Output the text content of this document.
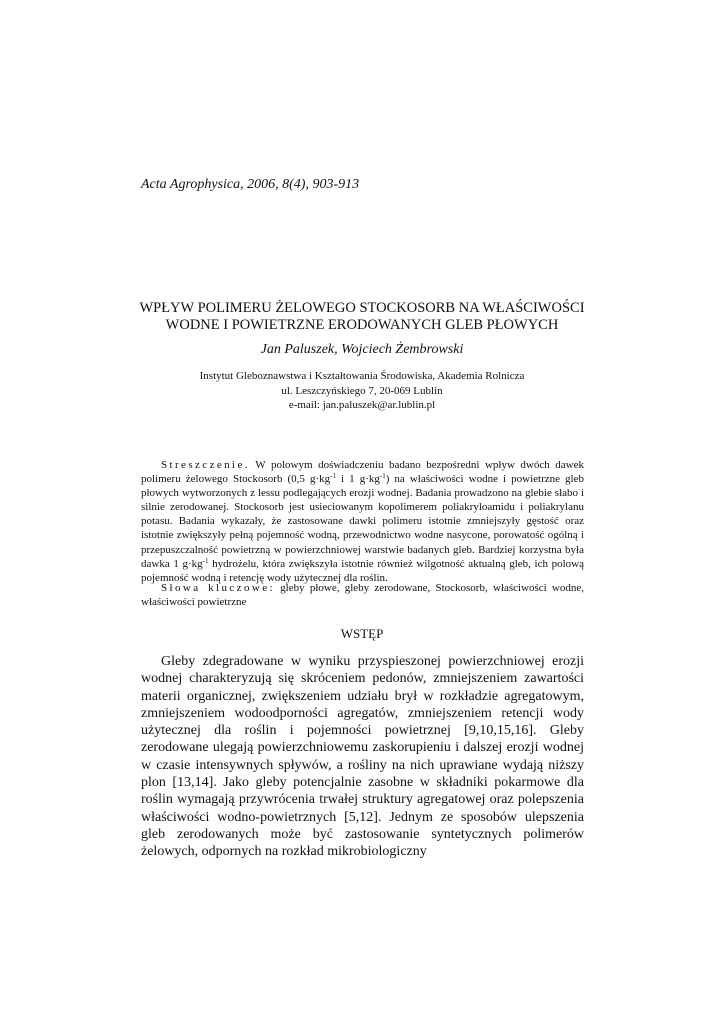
Acta Agrophysica, 2006, 8(4), 903-913
WPŁYW POLIMERU ŻELOWEGO STOCKOSORB NA WŁAŚCIWOŚCI
WODNE I POWIETRZNE ERODOWANYCH GLEB PŁOWYCH
Jan Paluszek, Wojciech Żembrowski
Instytut Gleboznawstwa i Kształtowania Środowiska, Akademia Rolnicza
ul. Leszczyńskiego 7, 20-069 Lublin
e-mail: jan.paluszek@ar.lublin.pl
Streszczenie. W polowym doświadczeniu badano bezpośredni wpływ dwóch dawek polimeru żelowego Stockosorb (0,5 $g\cdot kg^{-1}$ i 1 $g\cdot kg^{-1}$) na właściwości wodne i powietrzne gleb płowych wytworzonych z lessu podlegających erozji wodnej. Badania prowadzono na glebie słabo i silnie zerodowanej. Stockosorb jest usieciowanym kopolimerem poliakryloamidu i poliakrylanu potasu. Badania wykazały, że zastosowane dawki polimeru istotnie zmniejszyły gęstość oraz istotnie zwiększyły pełną pojemność wodną, przewodnictwo wodne nasycone, porowatość ogólną i przepuszczalność powietrzną w powierzchniowej warstwie badanych gleb. Bardziej korzystna była dawka 1 $g\cdot kg^{-1}$ hydrożelu, która zwiększyła istotnie również wilgotność aktualną gleb, ich polową pojemność wodną i retencję wody użytecznej dla roślin.
Słowa kluczowe: gleby płowe, gleby zerodowane, Stockosorb, właściwości wodne, właściwości powietrzne
WSTĘP
Gleby zdegradowane w wyniku przyspieszonej powierzchniowej erozji wodnej charakteryzują się skróceniem pedonów, zmniejszeniem zawartości materii organicznej, zwiększeniem udziału brył w rozkładzie agregatowym, zmniejszeniem wodoodporności agregatów, zmniejszeniem retencji wody użytecznej dla roślin i pojemności powietrznej [9,10,15,16]. Gleby zerodowane ulegają powierzchniowemu zaskorupieniu i dalszej erozji wodnej w czasie intensywnych spływów, a rośliny na nich uprawiane wydają niższy plon [13,14]. Jako gleby potencjalnie zasobne w składniki pokarmowe dla roślin wymagają przywrócenia trwałej struktury agregatowej oraz polepszenia właściwości wodno-powietrznych [5,12]. Jednym ze sposobów ulepszenia gleb zerodowanych może być zastosowanie syntetycznych polimerów żelowych, odpornych na rozkład mikrobiologiczny
